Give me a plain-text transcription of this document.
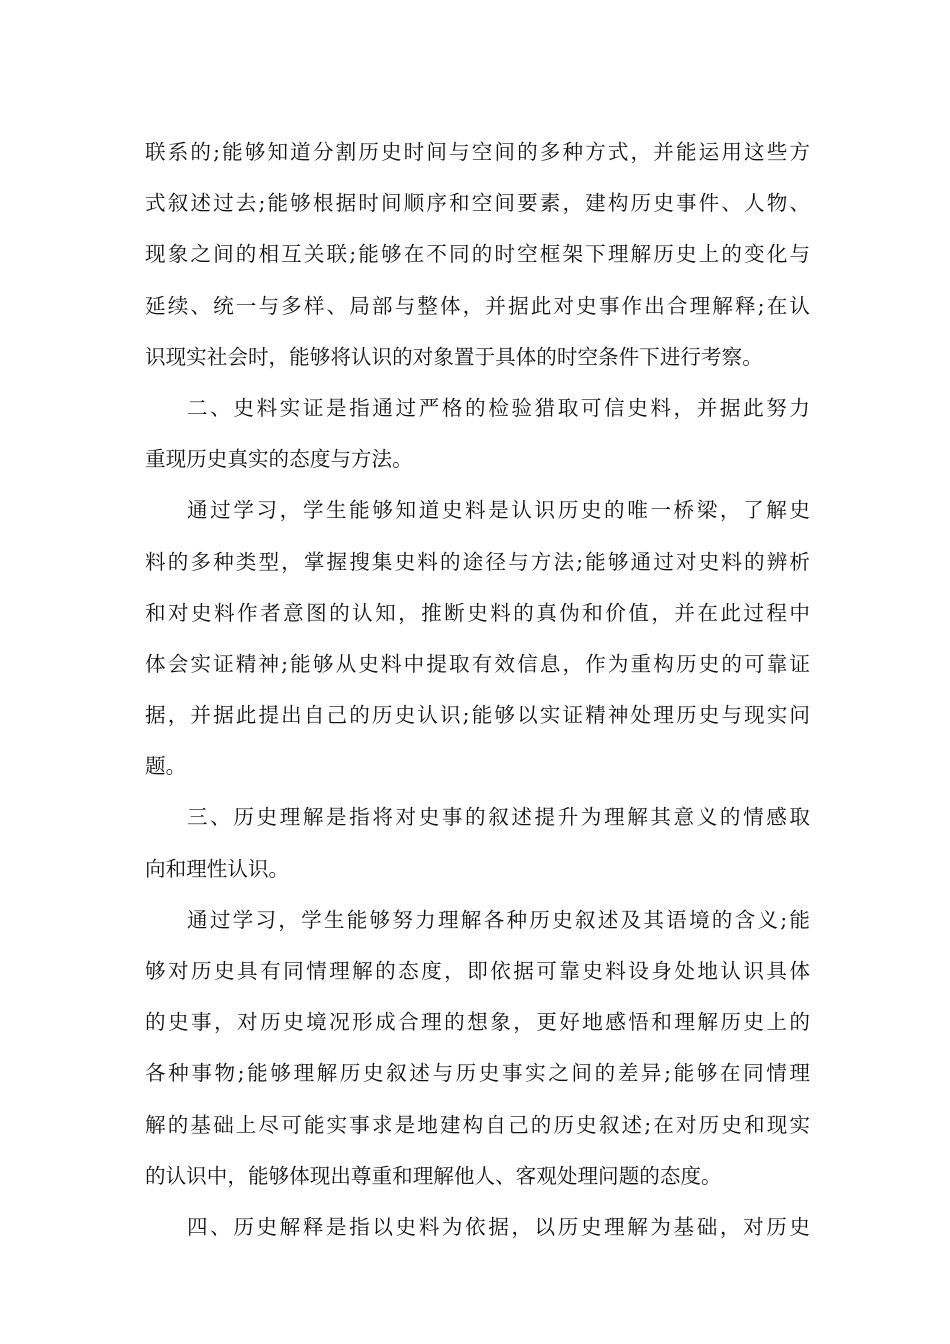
联系的;能够知道分割历史时间与空间的多种方式，并能运用这些方
式叙述过去;能够根据时间顺序和空间要素，建构历史事件、人物、
现象之间的相互关联;能够在不同的时空框架下理解历史上的变化与
延续、统一与多样、局部与整体，并据此对史事作出合理解释;在认
识现实社会时，能够将认识的对象置于具体的时空条件下进行考察。
二、史料实证是指通过严格的检验猎取可信史料，并据此努力
重现历史真实的态度与方法。
通过学习，学生能够知道史料是认识历史的唯一桥梁，了解史
料的多种类型，掌握搜集史料的途径与方法;能够通过对史料的辨析
和对史料作者意图的认知，推断史料的真伪和价值，并在此过程中
体会实证精神;能够从史料中提取有效信息，作为重构历史的可靠证
据，并据此提出自己的历史认识;能够以实证精神处理历史与现实问
题。
三、历史理解是指将对史事的叙述提升为理解其意义的情感取
向和理性认识。
通过学习，学生能够努力理解各种历史叙述及其语境的含义;能
够对历史具有同情理解的态度，即依据可靠史料设身处地认识具体
的史事，对历史境况形成合理的想象，更好地感悟和理解历史上的
各种事物;能够理解历史叙述与历史事实之间的差异;能够在同情理
解的基础上尽可能实事求是地建构自己的历史叙述;在对历史和现实
的认识中，能够体现出尊重和理解他人、客观处理问题的态度。
四、历史解释是指以史料为依据，以历史理解为基础，对历史
